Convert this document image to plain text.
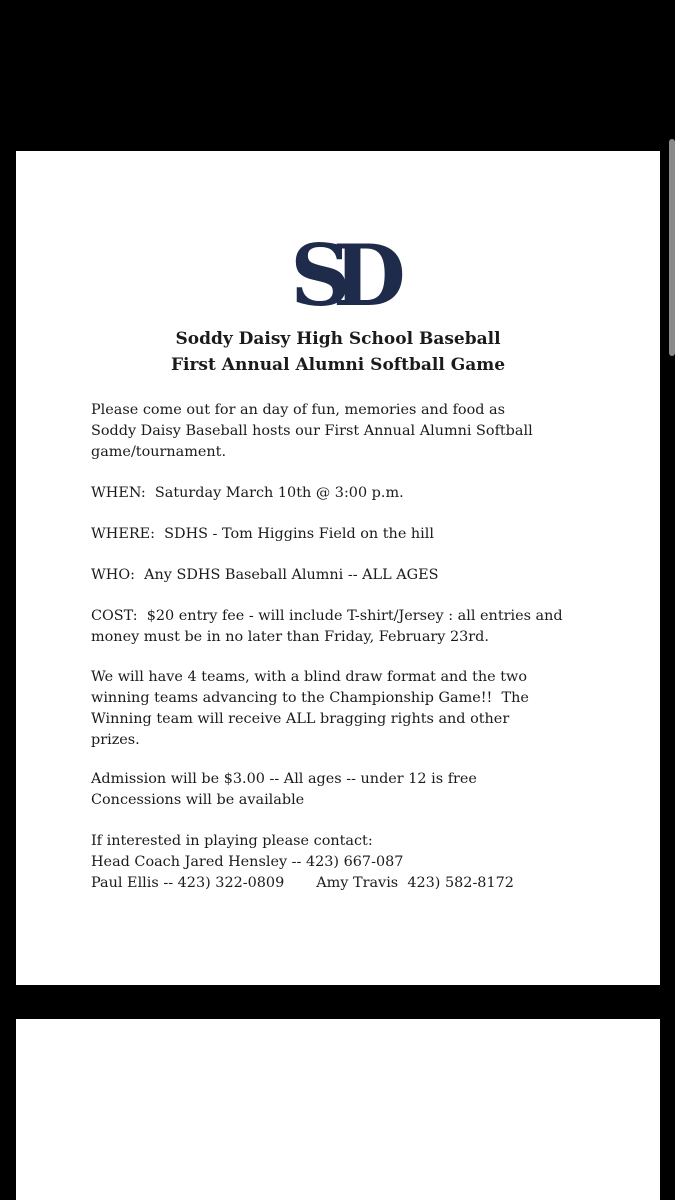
SD
Soddy Daisy High School Baseball
First Annual Alumni Softball Game
Please come out for an day of fun, memories and food as
Soddy Daisy Baseball hosts our First Annual Alumni Softball
game/tournament.
WHEN:  Saturday March 10th @ 3:00 p.m.
WHERE:  SDHS - Tom Higgins Field on the hill
WHO:  Any SDHS Baseball Alumni -- ALL AGES
COST:  $20 entry fee - will include T-shirt/Jersey : all entries and
money must be in no later than Friday, February 23rd.
We will have 4 teams, with a blind draw format and the two
winning teams advancing to the Championship Game!!  The
Winning team will receive ALL bragging rights and other
prizes.
Admission will be $3.00 -- All ages -- under 12 is free
Concessions will be available
If interested in playing please contact:
Head Coach Jared Hensley -- 423) 667-087
Paul Ellis -- 423) 322-0809       Amy Travis  423) 582-8172
